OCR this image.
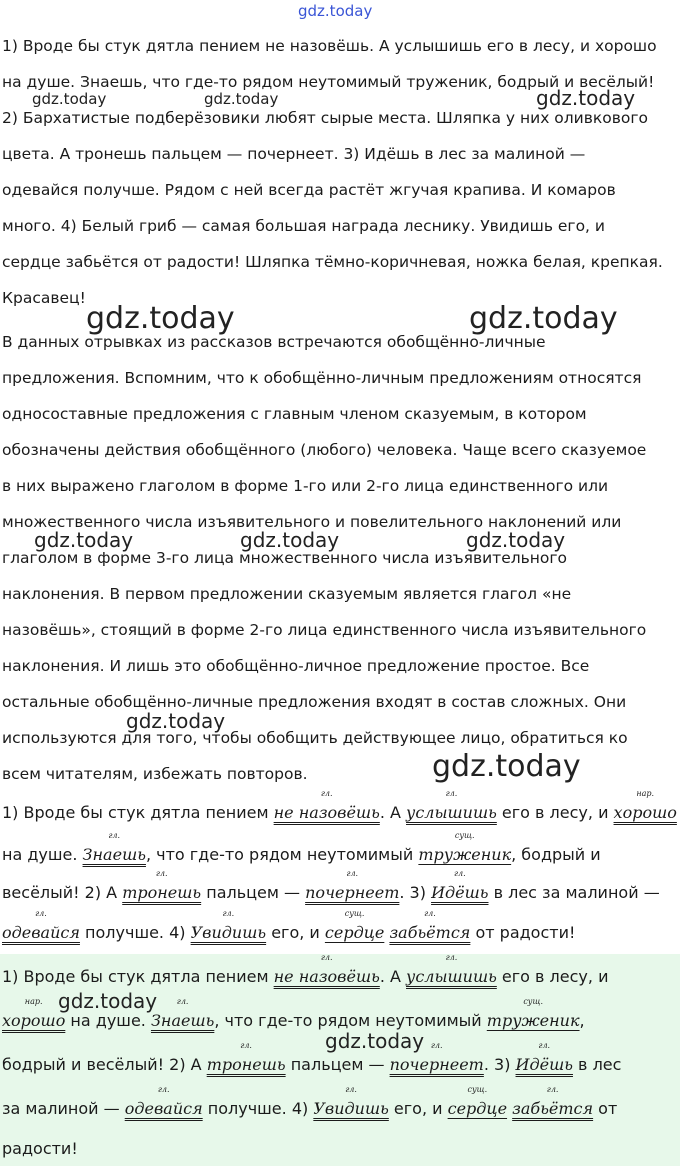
gdz.today

1) Вроде бы стук дятла пением не назовёшь. А услышишь его в лесу, и хорошо

на душе. Знаешь, что где-то рядом неутомимый труженик, бодрый и весёлый!

2) Бархатистые подберёзовики любят сырые места. Шляпка у них оливкового

цвета. А тронешь пальцем — почернеет. 3) Идёшь в лес за малиной —

одевайся получше. Рядом с ней всегда растёт жгучая крапива. И комаров

много. 4) Белый гриб — самая большая награда леснику. Увидишь его, и

сердце забьётся от радости! Шляпка тёмно-коричневая, ножка белая, крепкая.

Красавец!

В данных отрывках из рассказов встречаются обобщённо-личные

предложения. Вспомним, что к обобщённо-личным предложениям относятся

односоставные предложения с главным членом сказуемым, в котором

обозначены действия обобщённого (любого) человека. Чаще всего сказуемое

в них выражено глаголом в форме 1-го или 2-го лица единственного или

множественного числа изъявительного и повелительного наклонений или

глаголом в форме 3-го лица множественного числа изъявительного

наклонения. В первом предложении сказуемым является глагол «не

назовёшь», стоящий в форме 2-го лица единственного числа изъявительного

наклонения. И лишь это обобщённо-личное предложение простое. Все

остальные обобщённо-личные предложения входят в состав сложных. Они

используются для того, чтобы обобщить действующее лицо, обратиться ко

всем читателям, избежать повторов.

1) Вроде бы стук дятла пением
гл.
не назовёшь. А
гл.
услышишь его в лесу, и
нар.
хорошо

на душе.
гл.
Знаешь, что где-то рядом неутомимый
сущ.
труженик, бодрый и

весёлый! 2) А
гл.
тронешь пальцем —
гл.
почернеет. 3)
гл.
Идёшь в лес за малиной —

гл.
одевайся получше. 4)
гл.
Увидишь его, и
сущ.
сердце
гл.
забьётся от радости!

1) Вроде бы стук дятла пением
гл.
не назовёшь. А
гл.
услышишь его в лесу, и

нар.
хорошо на душе.
гл.
Знаешь, что где-то рядом неутомимый
сущ.
труженик,

бодрый и весёлый! 2) А
гл.
тронешь пальцем —
гл.
почернеет. 3)
гл.
Идёшь в лес

за малиной —
гл.
одевайся получше. 4)
гл.
Увидишь его, и
сущ.
сердце
гл.
забьётся от

радости!

gdz.today	gdz.today	gdz.today
gdz.today	gdz.today
gdz.today	gdz.today	gdz.today
gdz.today
gdz.today
gdz.today
gdz.today
